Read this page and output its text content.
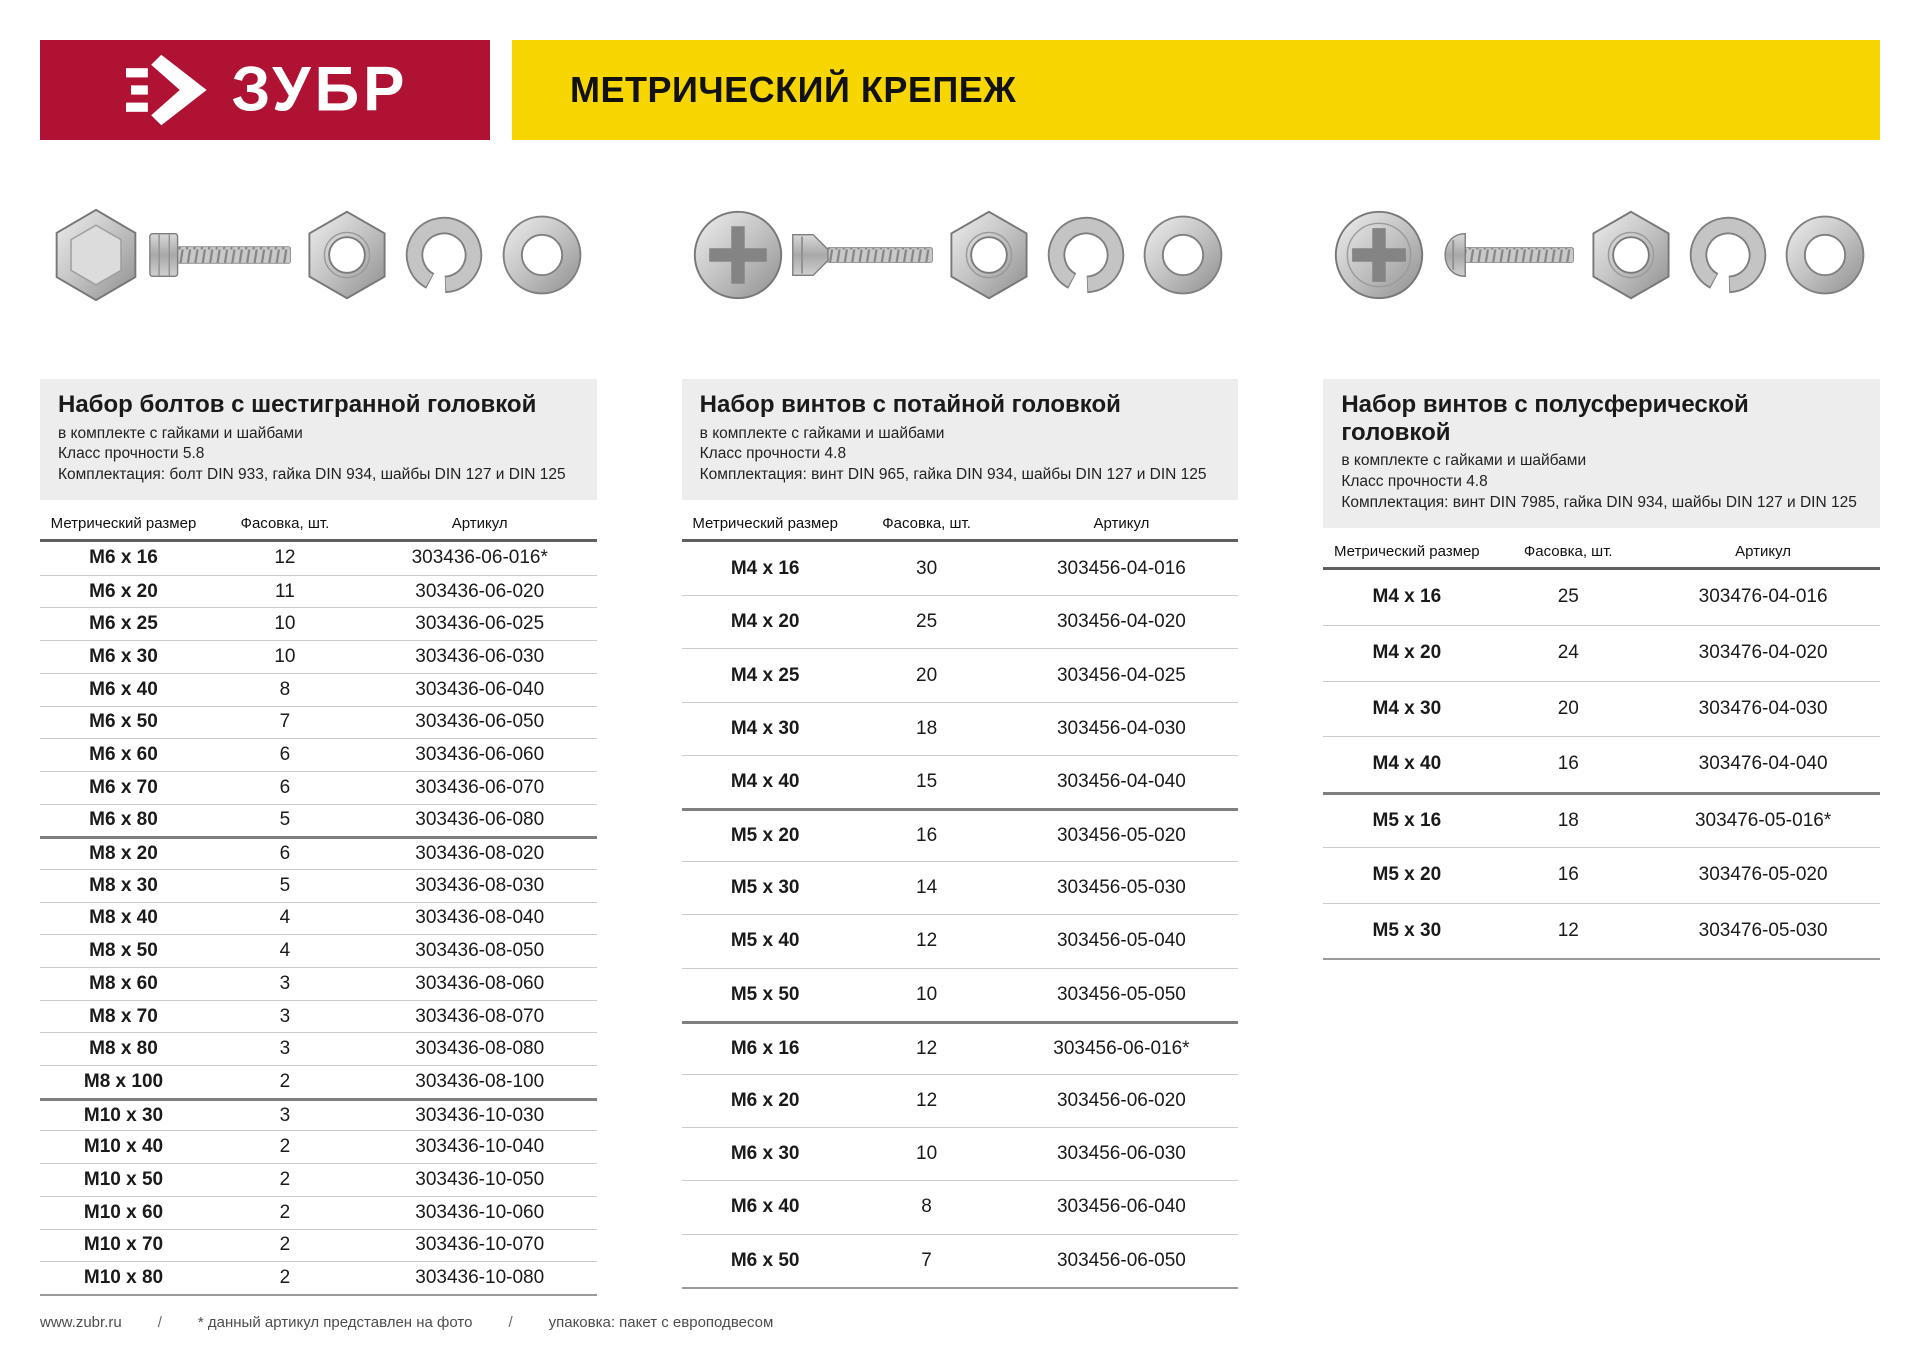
ЗУБР	МЕТРИЧЕСКИЙ КРЕПЕЖ
Набор болтов с шестигранной головкой

в комплекте с гайками и шайбами

Класс прочности 5.8

Комплектация: болт DIN 933, гайка DIN 934, шайбы DIN 127 и DIN 125

Метрический размер	Фасовка, шт.	Артикул
M6 x 16	12	303436-06-016*
M6 x 20	11	303436-06-020
M6 x 25	10	303436-06-025
M6 x 30	10	303436-06-030
M6 x 40	8	303436-06-040
M6 x 50	7	303436-06-050
M6 x 60	6	303436-06-060
M6 x 70	6	303436-06-070
M6 x 80	5	303436-06-080
M8 x 20	6	303436-08-020
M8 x 30	5	303436-08-030
M8 x 40	4	303436-08-040
M8 x 50	4	303436-08-050
M8 x 60	3	303436-08-060
M8 x 70	3	303436-08-070
M8 x 80	3	303436-08-080
M8 x 100	2	303436-08-100
M10 x 30	3	303436-10-030
M10 x 40	2	303436-10-040
M10 x 50	2	303436-10-050
M10 x 60	2	303436-10-060
M10 x 70	2	303436-10-070
M10 x 80	2	303436-10-080
Набор винтов с потайной головкой

в комплекте с гайками и шайбами

Класс прочности 4.8

Комплектация: винт DIN 965, гайка DIN 934, шайбы DIN 127 и DIN 125

Метрический размер	Фасовка, шт.	Артикул
M4 x 16	30	303456-04-016
M4 x 20	25	303456-04-020
M4 x 25	20	303456-04-025
M4 x 30	18	303456-04-030
M4 x 40	15	303456-04-040
M5 x 20	16	303456-05-020
M5 x 30	14	303456-05-030
M5 x 40	12	303456-05-040
M5 x 50	10	303456-05-050
M6 x 16	12	303456-06-016*
M6 x 20	12	303456-06-020
M6 x 30	10	303456-06-030
M6 x 40	8	303456-06-040
M6 x 50	7	303456-06-050
Набор винтов с полусферической головкой

в комплекте с гайками и шайбами

Класс прочности 4.8

Комплектация: винт DIN 7985, гайка DIN 934, шайбы DIN 127 и DIN 125

Метрический размер	Фасовка, шт.	Артикул
M4 x 16	25	303476-04-016
M4 x 20	24	303476-04-020
M4 x 30	20	303476-04-030
M4 x 40	16	303476-04-040
M5 x 16	18	303476-05-016*
M5 x 20	16	303476-05-020
M5 x 30	12	303476-05-030
www.zubr.ru / * данный артикул представлен на фото / упаковка: пакет с европодвесом
